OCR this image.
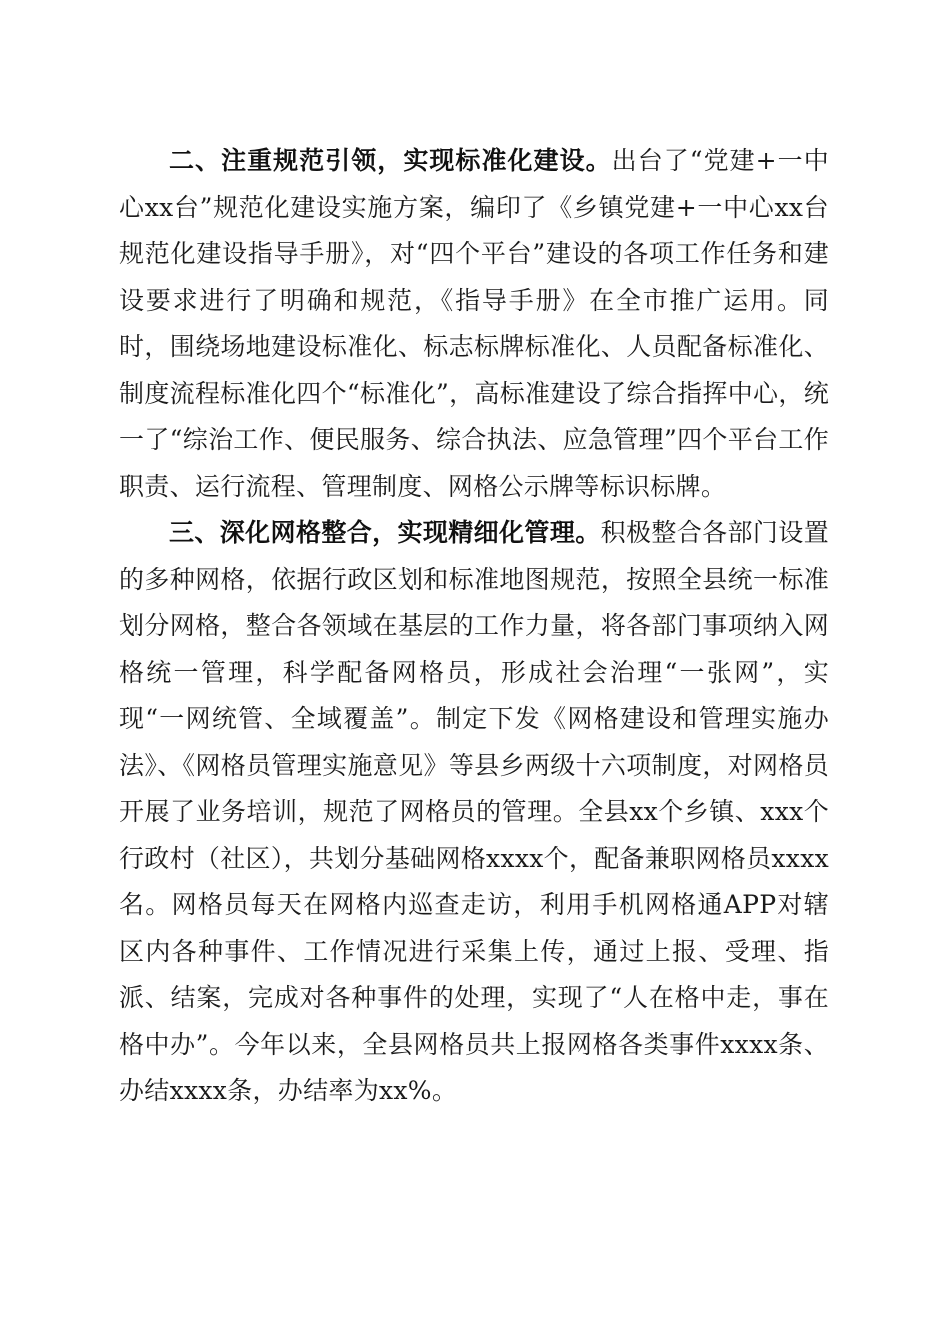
二、注重规范引领，实现标准化建设。出台了“党建+一中心xx台”规范化建设实施方案，编印了《乡镇党建+一中心xx台规范化建设指导手册》，对“四个平台”建设的各项工作任务和建设要求进行了明确和规范，《指导手册》在全市推广运用。同时，围绕场地建设标准化、标志标牌标准化、人员配备标准化、制度流程标准化四个“标准化”，高标准建设了综合指挥中心，统一了“综治工作、便民服务、综合执法、应急管理”四个平台工作职责、运行流程、管理制度、网格公示牌等标识标牌。

三、深化网格整合，实现精细化管理。积极整合各部门设置的多种网格，依据行政区划和标准地图规范，按照全县统一标准划分网格，整合各领域在基层的工作力量，将各部门事项纳入网格统一管理，科学配备网格员，形成社会治理“一张网”，实现“一网统管、全域覆盖”。制定下发《网格建设和管理实施办法》、《网格员管理实施意见》等县乡两级十六项制度，对网格员开展了业务培训，规范了网格员的管理。全县xx个乡镇、xxx个行政村（社区），共划分基础网格xxxx个，配备兼职网格员xxxx名。网格员每天在网格内巡查走访，利用手机网格通APP对辖区内各种事件、工作情况进行采集上传，通过上报、受理、指派、结案，完成对各种事件的处理，实现了“人在格中走，事在格中办”。今年以来，全县网格员共上报网格各类事件xxxx条、办结xxxx条，办结率为xx%。
